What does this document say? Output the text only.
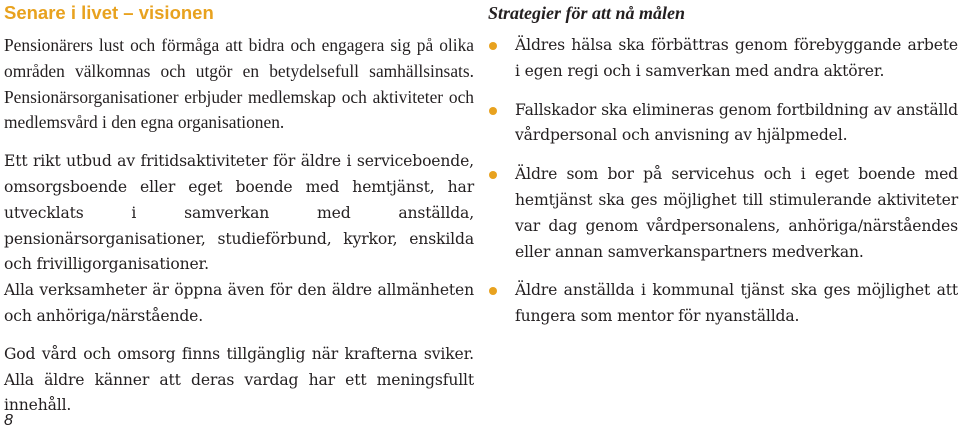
Senare i livet – visionen

Pensionärers lust och förmåga att bidra och engagera sig på olika områden välkomnas och utgör en betydelsefull samhällsinsats. Pensionärsorganisationer erbjuder medlemskap och aktiviteter och medlemsvård i den egna organisationen.

Ett rikt utbud av fritidsaktiviteter för äldre i serviceboende, omsorgsboende eller eget boende med hemtjänst, har utvecklats i samverkan med anställda, pensionärsorganisationer, studieförbund, kyrkor, enskilda och frivilligorganisationer.

Alla verksamheter är öppna även för den äldre allmänheten och anhöriga/närstående.

God vård och omsorg finns tillgänglig när krafterna sviker. Alla äldre känner att deras vardag har ett meningsfullt innehåll.

Strategier för att nå målen
Äldres hälsa ska förbättras genom förebyggande arbete i egen regi och i samverkan med andra aktörer.
Fallskador ska elimineras genom fortbildning av anställd vårdpersonal och anvisning av hjälpmedel.
Äldre som bor på servicehus och i eget boende med hemtjänst ska ges möjlighet till stimulerande aktiviteter var dag genom vårdpersonalens, anhöriga/närståendes eller annan samverkanspartners medverkan.
Äldre anställda i kommunal tjänst ska ges möjlighet att fungera som mentor för nyanställda.
8
